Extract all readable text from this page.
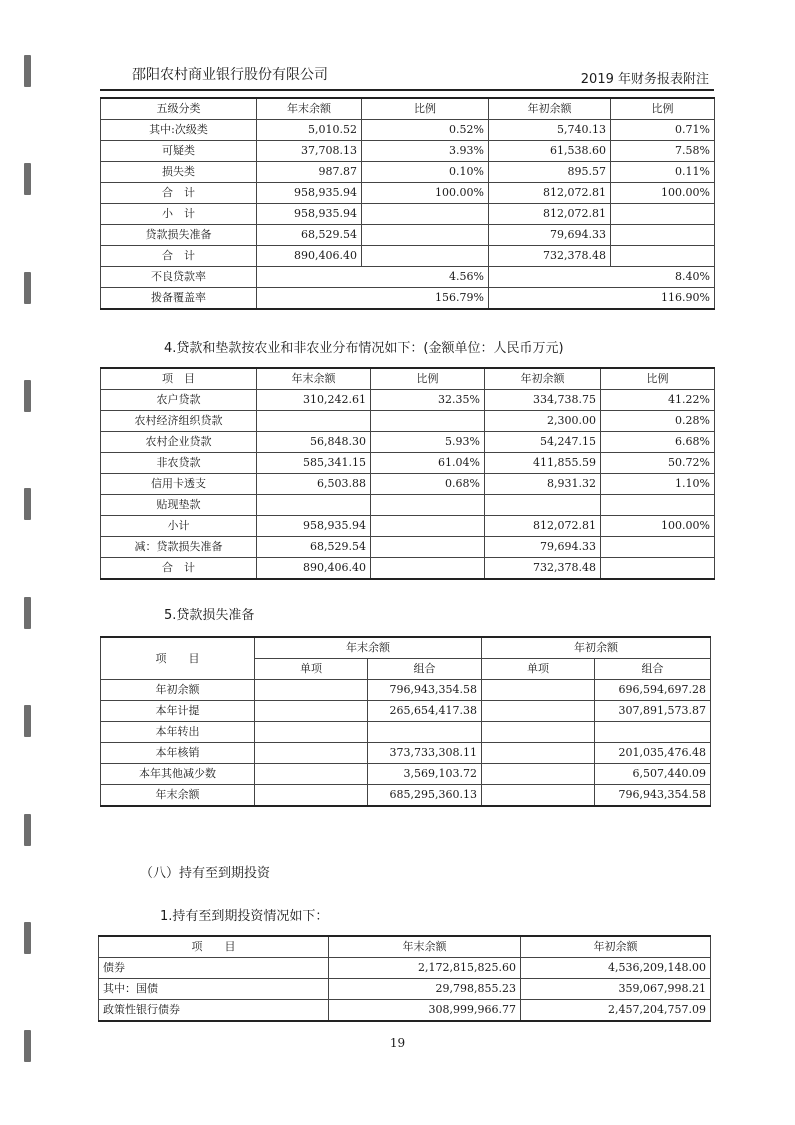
邵阳农村商业银行股份有限公司	2019 年财务报表附注
五级分类	年末余额	比例	年初余额	比例
其中:次级类	5,010.52	0.52%	5,740.13	0.71%
可疑类	37,708.13	3.93%	61,538.60	7.58%
损失类	987.87	0.10%	895.57	0.11%
合　计	958,935.94	100.00%	812,072.81	100.00%
小　计	958,935.94		812,072.81	
贷款损失准备	68,529.54		79,694.33	
合　计	890,406.40		732,378.48	
不良贷款率	4.56%		8.40%	
拨备覆盖率	156.79%		116.90%	
4.贷款和垫款按农业和非农业分布情况如下：(金额单位：人民币万元)
项　目	年末余额	比例	年初余额	比例
农户贷款	310,242.61	32.35%	334,738.75	41.22%
农村经济组织贷款			2,300.00	0.28%
农村企业贷款	56,848.30	5.93%	54,247.15	6.68%
非农贷款	585,341.15	61.04%	411,855.59	50.72%
信用卡透支	6,503.88	0.68%	8,931.32	1.10%
贴现垫款				
小计	958,935.94		812,072.81	100.00%
减：贷款损失准备	68,529.54		79,694.33	
合　计	890,406.40		732,378.48	
5.贷款损失准备
项　　目	年末余额		年初余额	
	单项	组合	单项	组合
年初余额		796,943,354.58		696,594,697.28
本年计提		265,654,417.38		307,891,573.87
本年转出				
本年核销		373,733,308.11		201,035,476.48
本年其他减少数		3,569,103.72		6,507,440.09
年末余额		685,295,360.13		796,943,354.58
（八）持有至到期投资
1.持有至到期投资情况如下：
项　　目	年末余额	年初余额
债券	2,172,815,825.60	4,536,209,148.00
其中：国债	29,798,855.23	359,067,998.21
政策性银行债券	308,999,966.77	2,457,204,757.09
19
